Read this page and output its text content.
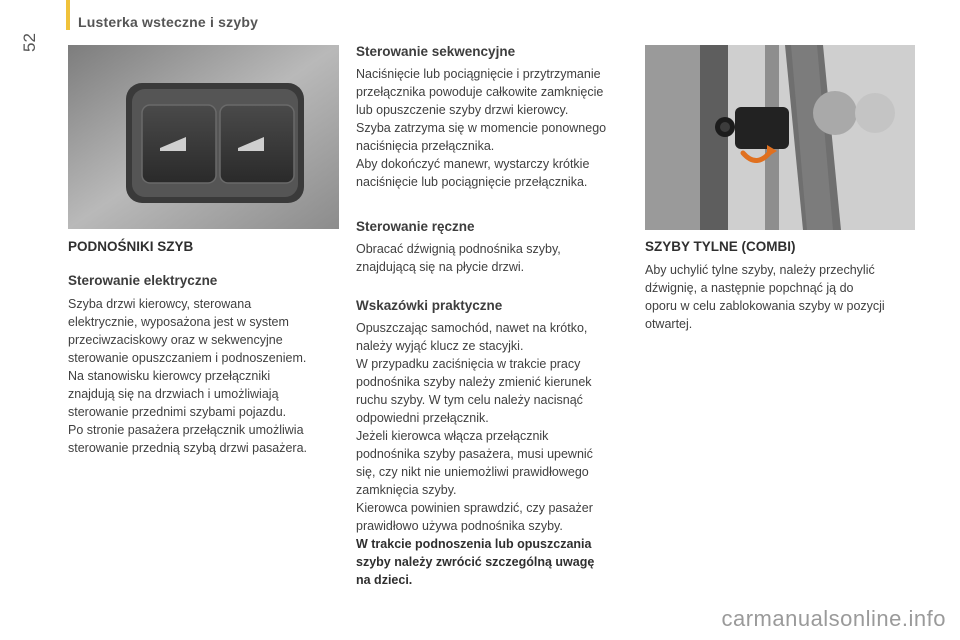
52
Lusterka wsteczne i szyby
PODNOŚNIKI SZYB
Sterowanie elektryczne
Szyba drzwi kierowcy, sterowana
elektrycznie, wyposażona jest w system
przeciwzaciskowy oraz w sekwencyjne
sterowanie opuszczaniem i podnoszeniem.
Na stanowisku kierowcy przełączniki
znajdują się na drzwiach i umożliwiają
sterowanie przednimi szybami pojazdu.
Po stronie pasażera przełącznik umożliwia
sterowanie przednią szybą drzwi pasażera.
Sterowanie sekwencyjne
Naciśnięcie lub pociągnięcie i przytrzymanie
przełącznika powoduje całkowite zamknięcie
lub opuszczenie szyby drzwi kierowcy.
Szyba zatrzyma się w momencie ponownego
naciśnięcia przełącznika.
Aby dokończyć manewr, wystarczy krótkie
naciśnięcie lub pociągnięcie przełącznika.
Sterowanie ręczne
Obracać dźwignią podnośnika szyby,
znajdującą się na płycie drzwi.
Wskazówki praktyczne
Opuszczając samochód, nawet na krótko,
należy wyjąć klucz ze stacyjki.
W przypadku zaciśnięcia w trakcie pracy
podnośnika szyby należy zmienić kierunek
ruchu szyby. W tym celu należy nacisnąć
odpowiedni przełącznik.
Jeżeli kierowca włącza przełącznik
podnośnika szyby pasażera, musi upewnić
się, czy nikt nie uniemożliwi prawidłowego
zamknięcia szyby.
Kierowca powinien sprawdzić, czy pasażer
prawidłowo używa podnośnika szyby.
W trakcie podnoszenia lub opuszczania
szyby należy zwrócić szczególną uwagę
na dzieci.
SZYBY TYLNE (COMBI)
Aby uchylić tylne szyby, należy przechylić
dźwignię, a następnie popchnąć ją do
oporu w celu zablokowania szyby w pozycji
otwartej.
carmanualsonline.info
